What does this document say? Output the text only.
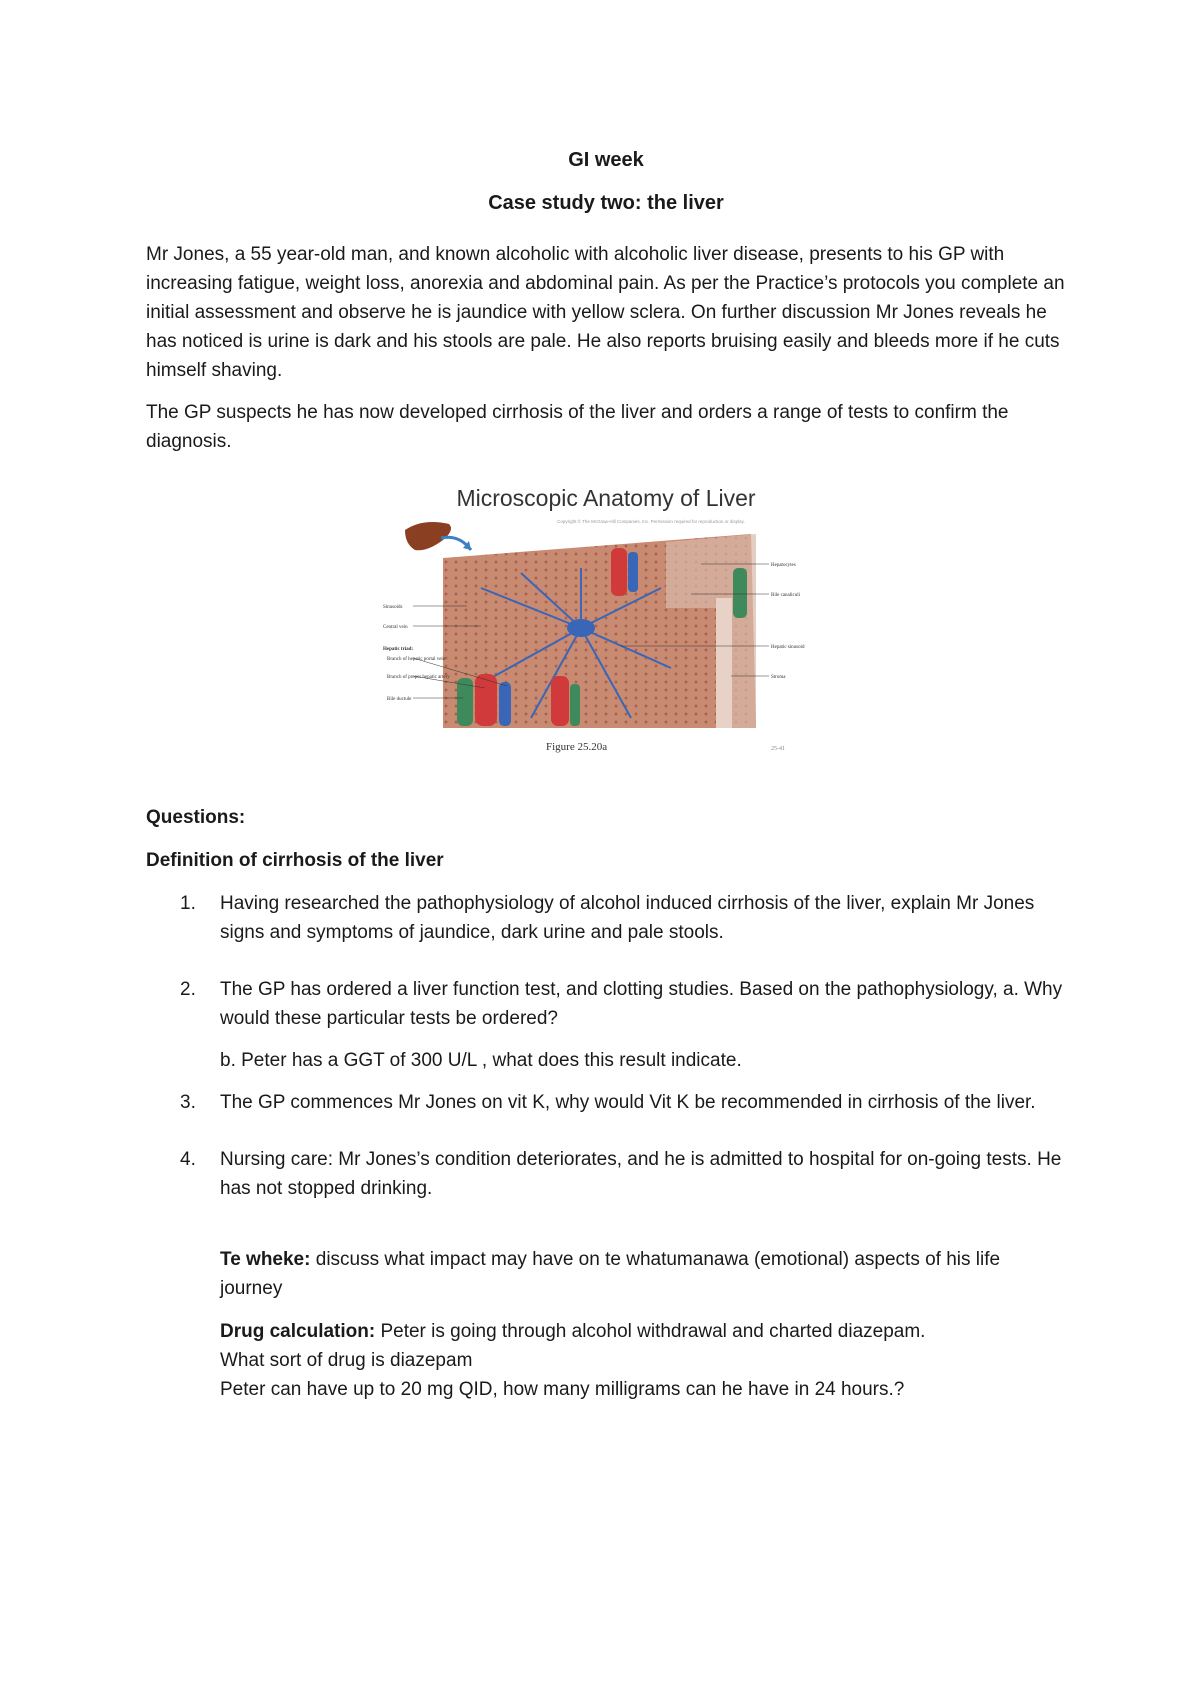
GI week

Case study two: the liver

Mr Jones, a 55 year-old man, and known alcoholic with alcoholic liver disease, presents to his GP with increasing fatigue, weight loss, anorexia and abdominal pain. As per the Practice’s protocols you complete an initial assessment and observe he is jaundice with yellow sclera. On further discussion Mr Jones reveals he has noticed is urine is dark and his stools are pale. He also reports bruising easily and bleeds more if he cuts himself shaving.

The GP suspects he has now developed cirrhosis of the liver and orders a range of tests to confirm the diagnosis.

Microscopic Anatomy of Liver
Copyright © The McGraw-Hill Companies, Inc. Permission required for reproduction or display.
Sinusoids
Central vein
Hepatic triad:
Branch of hepatic portal vein
Branch of proper hepatic artery
Bile ductule
Hepatocytes
Bile canaliculi
Hepatic sinusoid
Stroma
Figure 25.20a	25-41

Questions:

Definition of cirrhosis of the liver

1. Having researched the pathophysiology of alcohol induced cirrhosis of the liver, explain Mr Jones signs and symptoms of jaundice, dark urine and pale stools.
2. The GP has ordered a liver function test, and clotting studies. Based on the pathophysiology, a. Why would these particular tests be ordered?

b. Peter has a GGT of 300 U/L , what does this result indicate.

3. The GP commences Mr Jones on vit K, why would Vit K be recommended in cirrhosis of the liver.
4. Nursing care: Mr Jones’s condition deteriorates, and he is admitted to hospital for on-going tests. He has not stopped drinking.

Te wheke: discuss what impact may have on te whatumanawa (emotional) aspects of his life journey

Drug calculation: Peter is going through alcohol withdrawal and charted diazepam.

What sort of drug is diazepam

Peter can have up to 20 mg QID, how many milligrams can he have in 24 hours.?
